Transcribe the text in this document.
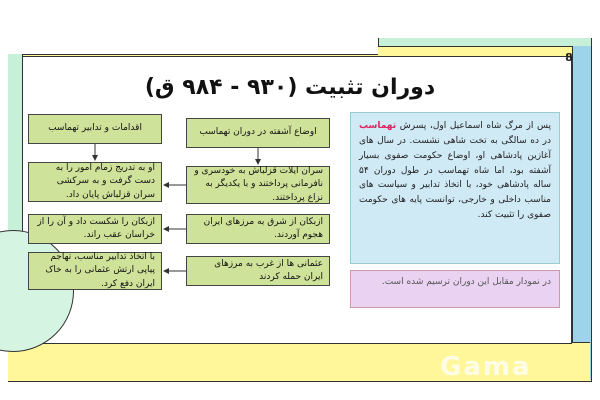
8
دوران تثبیت (۹۳۰ - ۹۸۴ ق)
اوضاع آشفته در دوران تهماسب
سران ایلات قزلباش به خودسری و نافرمانی پرداختند و با یکدیگر به نزاع پرداختند.
ازبکان از شرق به مرزهای ایران هجوم آوردند.
عثمانی ها از غرب به مرزهای ایران حمله کردند
اقدامات و تدابیر تهماسب
او به تدریج زمام امور را به دست گرفت و به سرکشی سران قزلباش پایان داد.
ازبکان را شکست داد و آن را از خراسان عقب راند.
با اتخاذ تدابیر مناسب، تهاجم پیاپی ارتش عثمانی را به خاک ایران دفع کرد.
پس از مرگ شاه اسماعیل اول، پسرش تهماسب در ده سالگی به تخت شاهی نشست. در سال های آغازین پادشاهی او، اوضاع حکومت صفوی بسیار آشفته بود، اما شاه تهماسب در طول دوران ۵۴ ساله پادشاهی خود، با اتخاذ تدابیر و سیاست های مناسب داخلی و خارجی، توانست پایه های حکومت صفوی را تثبیت کند.
در نمودار مقابل این دوران ترسیم شده است.
Gama
